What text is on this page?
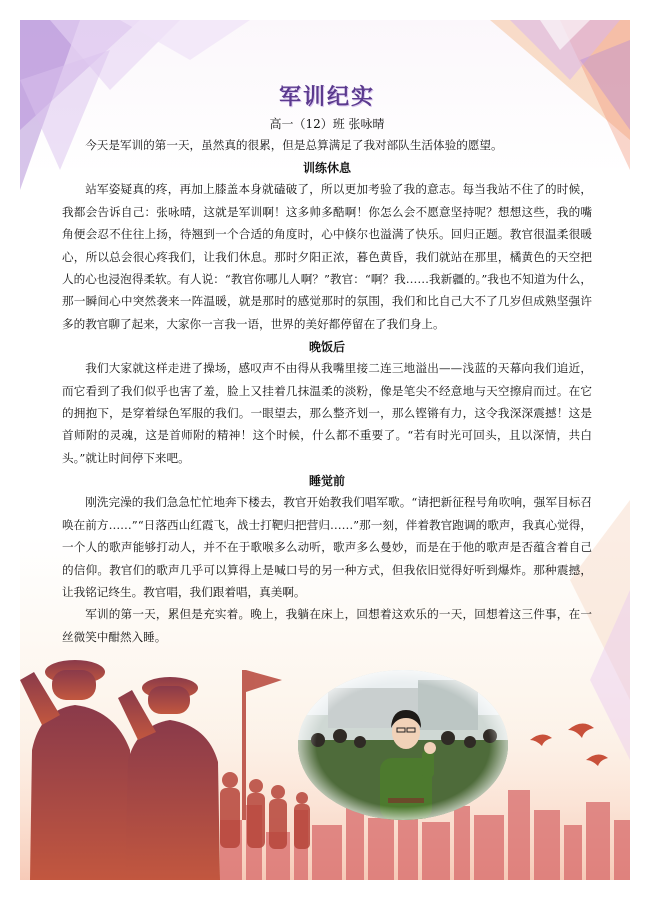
军训纪实
高一（12）班 张咏晴

今天是军训的第一天，虽然真的很累，但是总算满足了我对部队生活体验的愿望。

训练休息

站军姿疑真的疼，再加上膝盖本身就磕破了，所以更加考验了我的意志。每当我站不住了的时候，我都会告诉自己：张咏晴，这就是军训啊！这多帅多酷啊！你怎么会不愿意坚持呢？想想这些，我的嘴角便会忍不住往上扬，待翘到一个合适的角度时，心中倏尔也溢满了快乐。回归正题。教官很温柔很暖心，所以总会很心疼我们，让我们休息。那时夕阳正浓，暮色黄昏，我们就站在那里，橘黄色的天空把人的心也浸泡得柔软。有人说：“教官你哪儿人啊？”教官：“啊？我……我新疆的。”我也不知道为什么，那一瞬间心中突然袭来一阵温暖，就是那时的感觉那时的氛围，我们和比自己大不了几岁但成熟坚强许多的教官聊了起来，大家你一言我一语，世界的美好都停留在了我们身上。

晚饭后

我们大家就这样走进了操场，感叹声不由得从我嘴里接二连三地溢出——浅蓝的天幕向我们追近，而它看到了我们似乎也害了羞，脸上又挂着几抹温柔的淡粉，像是笔尖不经意地与天空擦肩而过。在它的拥抱下，是穿着绿色军服的我们。一眼望去，那么整齐划一，那么铿锵有力，这令我深深震撼！这是首师附的灵魂，这是首师附的精神！这个时候，什么都不重要了。“若有时光可回头，且以深情，共白头。”就让时间停下来吧。

睡觉前

刚洗完澡的我们急急忙忙地奔下楼去，教官开始教我们唱军歌。“请把新征程号角吹响，强军目标召唤在前方……”“日落西山红霞飞，战士打靶归把营归……”那一刻，伴着教官跑调的歌声，我真心觉得，一个人的歌声能够打动人，并不在于歌喉多么动听，歌声多么曼妙，而是在于他的歌声是否蕴含着自己的信仰。教官们的歌声几乎可以算得上是喊口号的另一种方式，但我依旧觉得好听到爆炸。那种震撼，让我铭记终生。教官唱，我们跟着唱，真美啊。

军训的第一天，累但是充实着。晚上，我躺在床上，回想着这欢乐的一天，回想着这三件事，在一丝微笑中酣然入睡。
